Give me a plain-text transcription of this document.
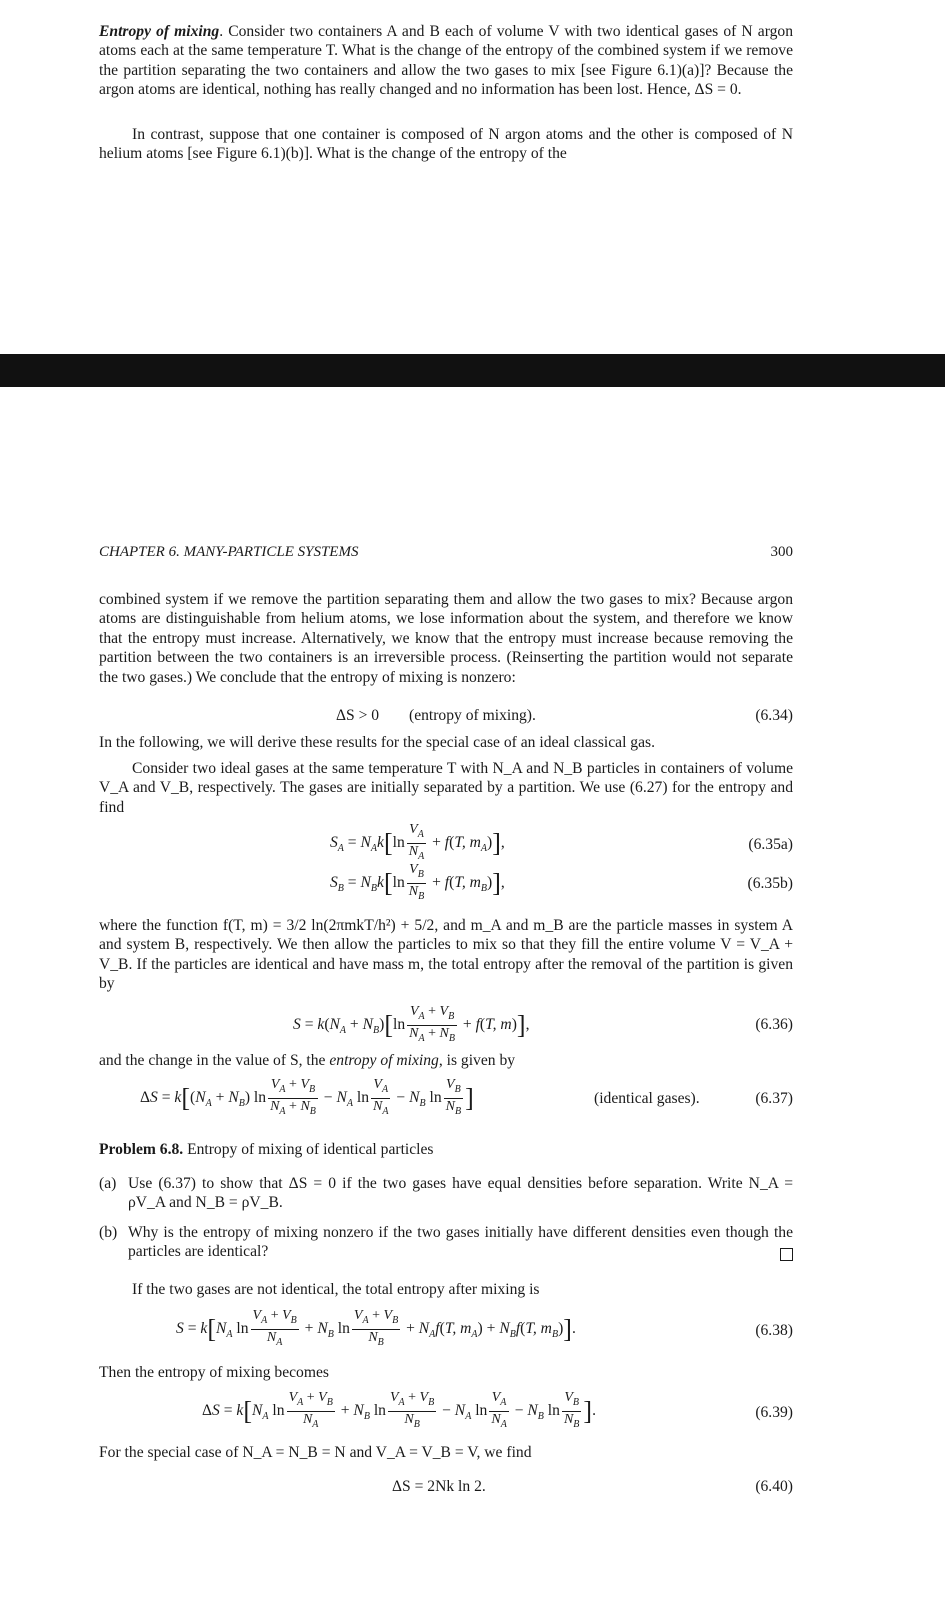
Entropy of mixing. Consider two containers A and B each of volume V with two identical gases of N argon atoms each at the same temperature T. What is the change of the entropy of the combined system if we remove the partition separating the two containers and allow the two gases to mix [see Figure 6.1)(a)]? Because the argon atoms are identical, nothing has really changed and no information has been lost. Hence, ΔS = 0.
In contrast, suppose that one container is composed of N argon atoms and the other is composed of N helium atoms [see Figure 6.1)(b)]. What is the change of the entropy of the
CHAPTER 6. MANY-PARTICLE SYSTEMS	300
combined system if we remove the partition separating them and allow the two gases to mix? Because argon atoms are distinguishable from helium atoms, we lose information about the system, and therefore we know that the entropy must increase. Alternatively, we know that the entropy must increase because removing the partition between the two containers is an irreversible process. (Reinserting the partition would not separate the two gases.) We conclude that the entropy of mixing is nonzero:
ΔS > 0 (entropy of mixing).	(6.34)
In the following, we will derive these results for the special case of an ideal classical gas.
Consider two ideal gases at the same temperature T with N_A and N_B particles in containers of volume V_A and V_B, respectively. The gases are initially separated by a partition. We use (6.27) for the entropy and find
$S_A = N_Ak[\ln \frac{V_A}{N_A} + f(T$, $m_A$)],	(6.35a)
$S_B = N_Bk[\ln \frac{V_B}{N_B} + f(T$, $m_B$)],	(6.35b)
where the function f(T, m) = 3/2 ln(2πmkT/h²) + 5/2, and m_A and m_B are the particle masses in system A and system B, respectively. We then allow the particles to mix so that they fill the entire volume V = V_A + V_B. If the particles are identical and have mass m, the total entropy after the removal of the partition is given by
$S = k(N_A + N_B)[\ln \frac{V_A + V_B}{N_A + N_B} + f(T$, m)],	(6.36)
and the change in the value of S, the entropy of mixing, is given by
$\Delta S = k[(N_A + N_B)$ $\ln \frac{V_A + V_B}{N_A + N_B} - N_A$ $\ln \frac{V_A}{N_A} - N_B$ $\ln \frac{V_B}{N_B}$ ]	(identical gases).	(6.37)
Problem 6.8. Entropy of mixing of identical particles
(a) Use (6.37) to show that ΔS = 0 if the two gases have equal densities before separation. Write N_A = ρV_A and N_B = ρV_B.
(b) Why is the entropy of mixing nonzero if the two gases initially have different densities even though the particles are identical?
If the two gases are not identical, the total entropy after mixing is
$S = k[N_A$ $\ln \frac{V_A + V_B}{N_A} + N_B$ $\ln \frac{V_A + V_B}{N_B} + N_Af(T$, $m_A) + N_Bf(T$, $m_B$)].	(6.38)
Then the entropy of mixing becomes
$\Delta S = k[N_A$ $\ln \frac{V_A + V_B}{N_A} + N_B$ $\ln \frac{V_A + V_B}{N_B} - N_A$ $\ln \frac{V_A}{N_A} - N_B$ $\ln \frac{V_B}{N_B}$ ].	(6.39)
For the special case of N_A = N_B = N and V_A = V_B = V, we find
ΔS = 2Nk ln 2.	(6.40)
